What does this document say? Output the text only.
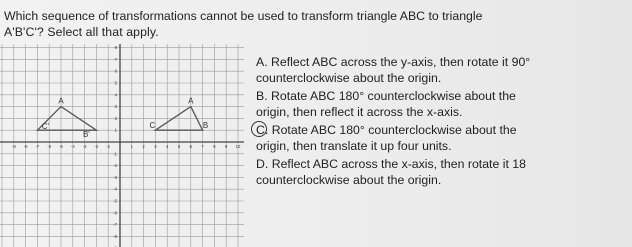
Which sequence of transformations cannot be used to transform triangle ABC to triangle
A'B'C'? Select all that apply.
-9 -8 -7 -6 -5 -4 -3 -2 -1	1 2 3 4 5 6 7 8 9 10
8
7
6
5
4
3
2
1
-1
-2
-3
-4
-5
-6
-7
-8
A
C	B
A
B'
C'
A. Reflect ABC across the y-axis, then rotate it 90°
counterclockwise about the origin.
B. Rotate ABC 180° counterclockwise about the
origin, then reflect it across the x-axis.
C. Rotate ABC 180° counterclockwise about the
origin, then translate it up four units.
D. Reflect ABC across the x-axis, then rotate it 18
counterclockwise about the origin.
